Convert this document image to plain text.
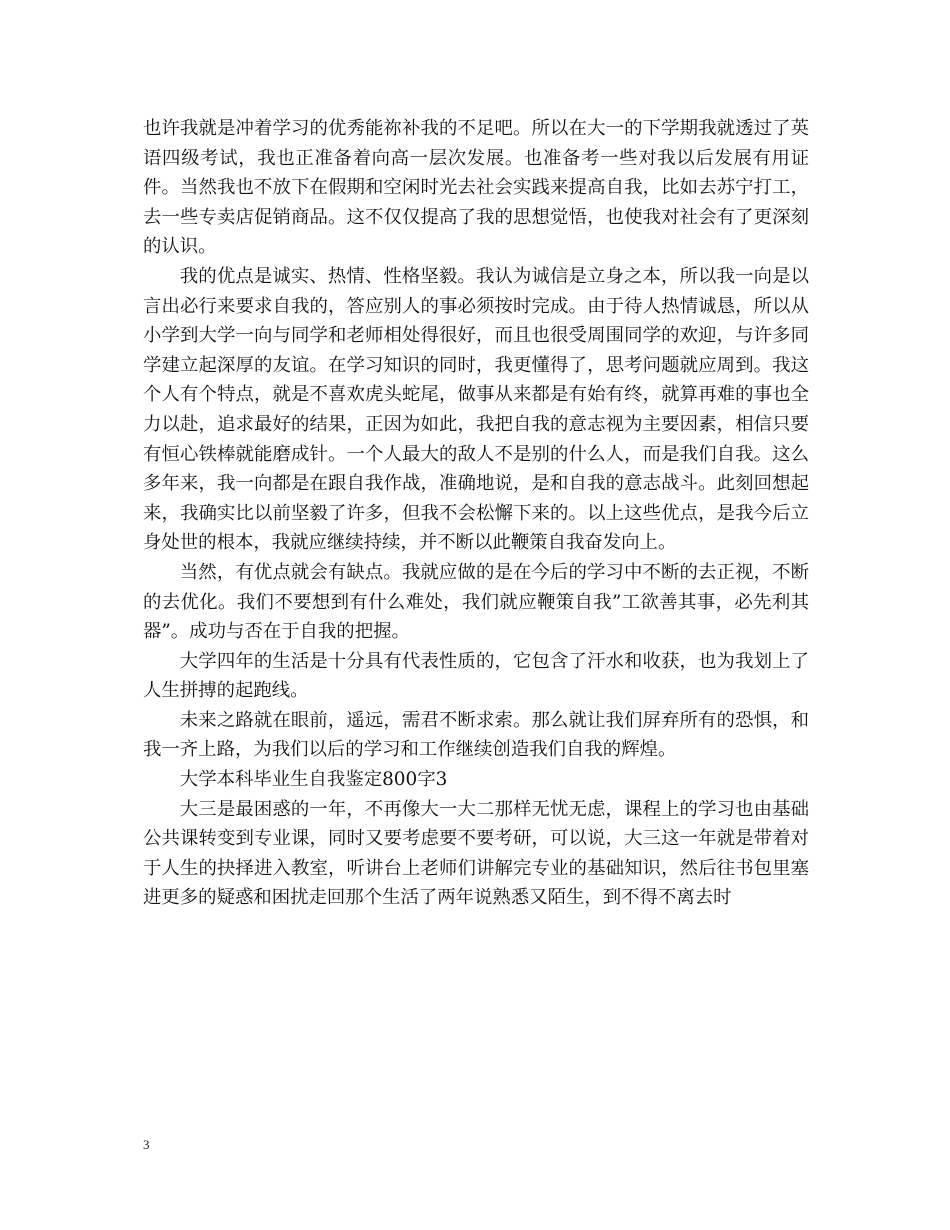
也许我就是冲着学习的优秀能祢补我的不足吧。所以在大一的下学期我就透过了英语四级考试，我也正准备着向高一层次发展。也准备考一些对我以后发展有用证件。当然我也不放下在假期和空闲时光去社会实践来提高自我，比如去苏宁打工，去一些专卖店促销商品。这不仅仅提高了我的思想觉悟，也使我对社会有了更深刻的认识。

我的优点是诚实、热情、性格坚毅。我认为诚信是立身之本，所以我一向是以言出必行来要求自我的，答应别人的事必须按时完成。由于待人热情诚恳，所以从小学到大学一向与同学和老师相处得很好，而且也很受周围同学的欢迎，与许多同学建立起深厚的友谊。在学习知识的同时，我更懂得了，思考问题就应周到。我这个人有个特点，就是不喜欢虎头蛇尾，做事从来都是有始有终，就算再难的事也全力以赴，追求最好的结果，正因为如此，我把自我的意志视为主要因素，相信只要有恒心铁棒就能磨成针。一个人最大的敌人不是别的什么人，而是我们自我。这么多年来，我一向都是在跟自我作战，准确地说，是和自我的意志战斗。此刻回想起来，我确实比以前坚毅了许多，但我不会松懈下来的。以上这些优点，是我今后立身处世的根本，我就应继续持续，并不断以此鞭策自我奋发向上。

当然，有优点就会有缺点。我就应做的是在今后的学习中不断的去正视，不断的去优化。我们不要想到有什么难处，我们就应鞭策自我”工欲善其事，必先利其器”。成功与否在于自我的把握。

大学四年的生活是十分具有代表性质的，它包含了汗水和收获，也为我划上了人生拼搏的起跑线。

未来之路就在眼前，遥远，需君不断求索。那么就让我们屏弃所有的恐惧，和我一齐上路，为我们以后的学习和工作继续创造我们自我的辉煌。

大学本科毕业生自我鉴定800字3

大三是最困惑的一年，不再像大一大二那样无忧无虑，课程上的学习也由基础公共课转变到专业课，同时又要考虑要不要考研，可以说，大三这一年就是带着对于人生的抉择进入教室，听讲台上老师们讲解完专业的基础知识，然后往书包里塞进更多的疑惑和困扰走回那个生活了两年说熟悉又陌生，到不得不离去时

3
